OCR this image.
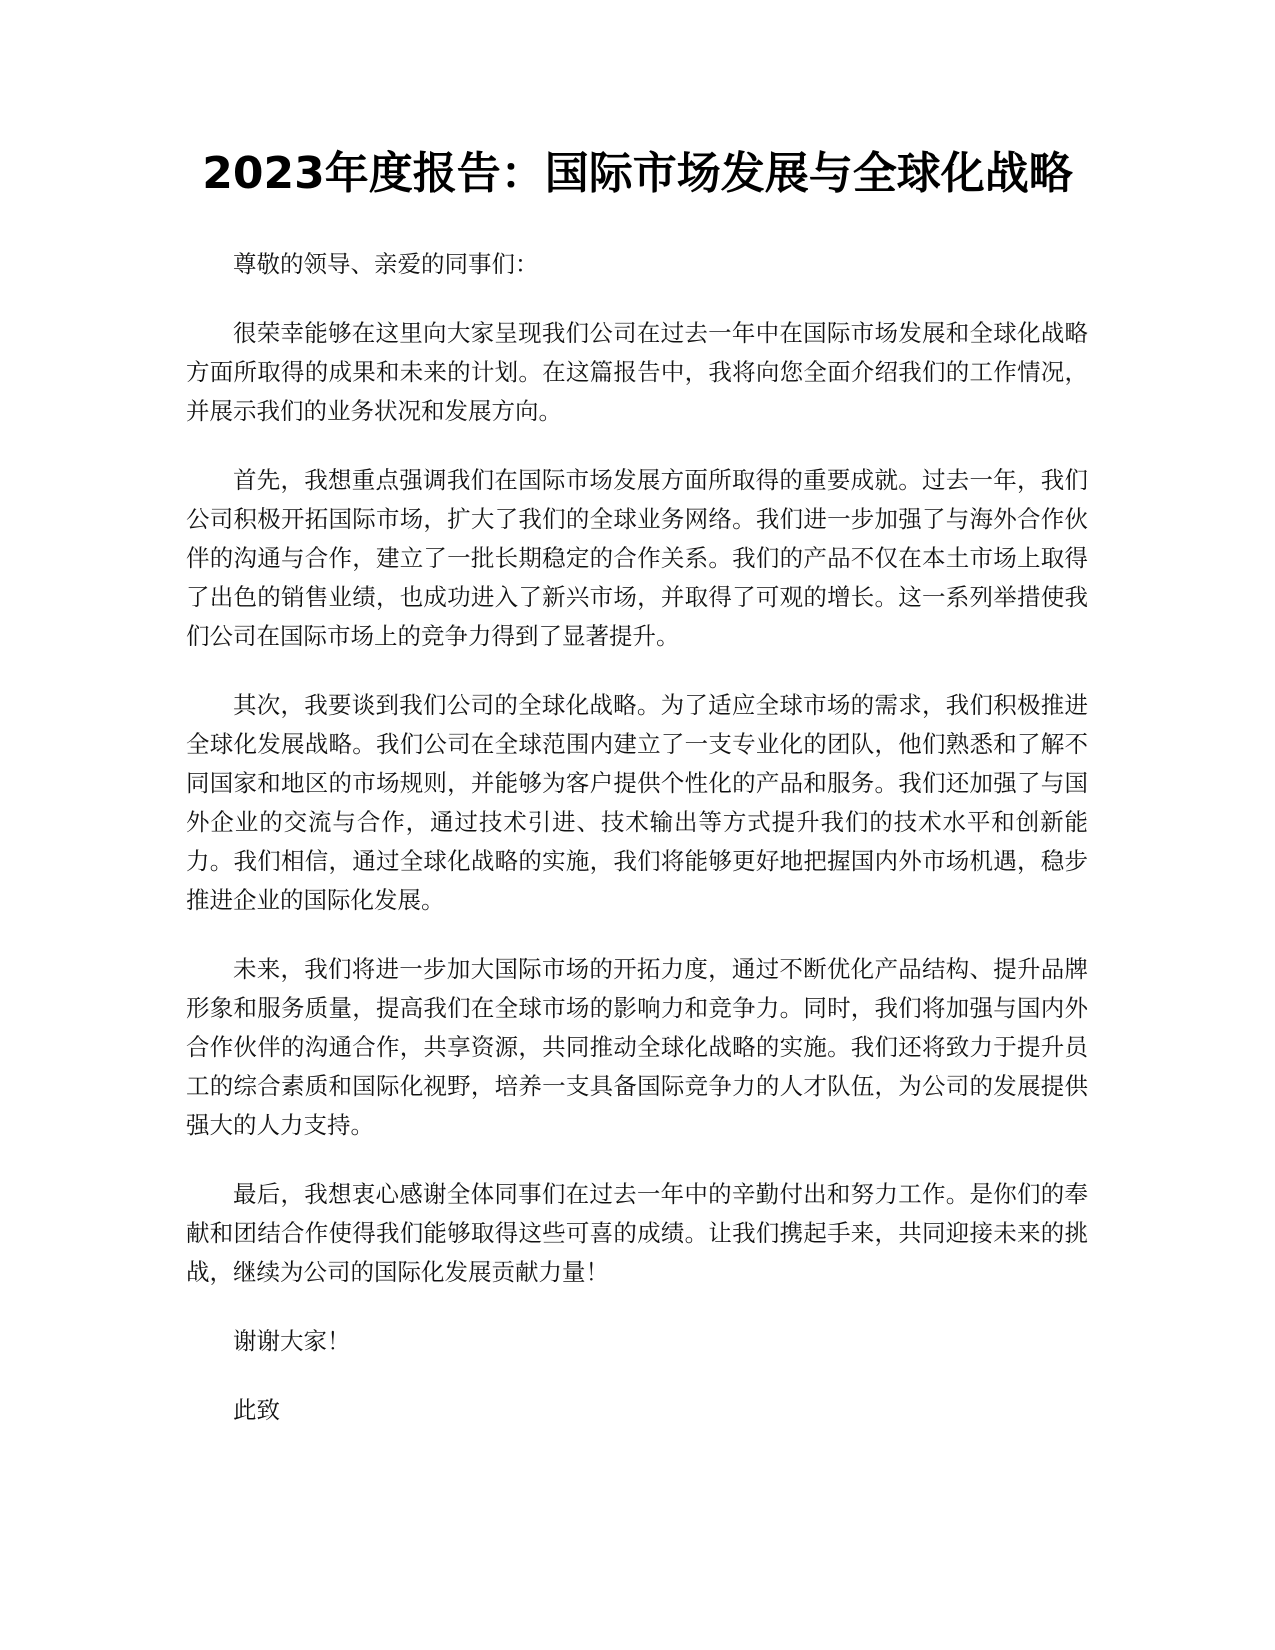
2023年度报告：国际市场发展与全球化战略

尊敬的领导、亲爱的同事们：

很荣幸能够在这里向大家呈现我们公司在过去一年中在国际市场发展和全球化战略方面所取得的成果和未来的计划。在这篇报告中，我将向您全面介绍我们的工作情况，并展示我们的业务状况和发展方向。

首先，我想重点强调我们在国际市场发展方面所取得的重要成就。过去一年，我们公司积极开拓国际市场，扩大了我们的全球业务网络。我们进一步加强了与海外合作伙伴的沟通与合作，建立了一批长期稳定的合作关系。我们的产品不仅在本土市场上取得了出色的销售业绩，也成功进入了新兴市场，并取得了可观的增长。这一系列举措使我们公司在国际市场上的竞争力得到了显著提升。

其次，我要谈到我们公司的全球化战略。为了适应全球市场的需求，我们积极推进全球化发展战略。我们公司在全球范围内建立了一支专业化的团队，他们熟悉和了解不同国家和地区的市场规则，并能够为客户提供个性化的产品和服务。我们还加强了与国外企业的交流与合作，通过技术引进、技术输出等方式提升我们的技术水平和创新能力。我们相信，通过全球化战略的实施，我们将能够更好地把握国内外市场机遇，稳步推进企业的国际化发展。

未来，我们将进一步加大国际市场的开拓力度，通过不断优化产品结构、提升品牌形象和服务质量，提高我们在全球市场的影响力和竞争力。同时，我们将加强与国内外合作伙伴的沟通合作，共享资源，共同推动全球化战略的实施。我们还将致力于提升员工的综合素质和国际化视野，培养一支具备国际竞争力的人才队伍，为公司的发展提供强大的人力支持。

最后，我想衷心感谢全体同事们在过去一年中的辛勤付出和努力工作。是你们的奉献和团结合作使得我们能够取得这些可喜的成绩。让我们携起手来，共同迎接未来的挑战，继续为公司的国际化发展贡献力量！

谢谢大家！

此致
